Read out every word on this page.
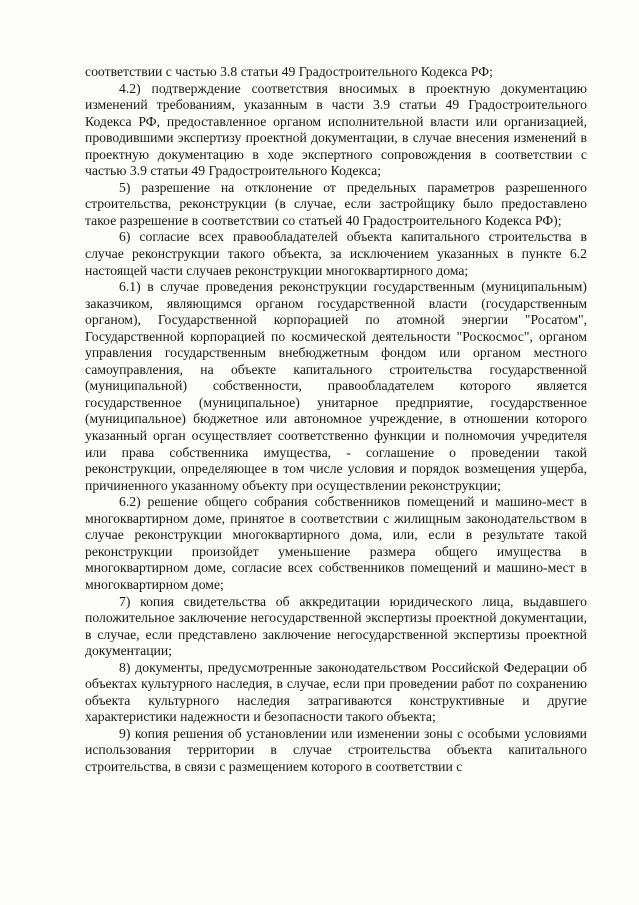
соответствии с частью 3.8 статьи 49 Градостроительного Кодекса РФ;

4.2) подтверждение соответствия вносимых в проектную документацию изменений требованиям, указанным в части 3.9 статьи 49 Градостроительного Кодекса РФ, предоставленное органом исполнительной власти или организацией, проводившими экспертизу проектной документации, в случае внесения изменений в проектную документацию в ходе экспертного сопровождения в соответствии с частью 3.9 статьи 49 Градостроительного Кодекса;

5) разрешение на отклонение от предельных параметров разрешенного строительства, реконструкции (в случае, если застройщику было предоставлено такое разрешение в соответствии со статьей 40 Градостроительного Кодекса РФ);

6) согласие всех правообладателей объекта капитального строительства в случае реконструкции такого объекта, за исключением указанных в пункте 6.2 настоящей части случаев реконструкции многоквартирного дома;

6.1) в случае проведения реконструкции государственным (муниципальным) заказчиком, являющимся органом государственной власти (государственным органом), Государственной корпорацией по атомной энергии "Росатом", Государственной корпорацией по космической деятельности "Роскосмос", органом управления государственным внебюджетным фондом или органом местного самоуправления, на объекте капитального строительства государственной (муниципальной) собственности, правообладателем которого является государственное (муниципальное) унитарное предприятие, государственное (муниципальное) бюджетное или автономное учреждение, в отношении которого указанный орган осуществляет соответственно функции и полномочия учредителя или права собственника имущества, - соглашение о проведении такой реконструкции, определяющее в том числе условия и порядок возмещения ущерба, причиненного указанному объекту при осуществлении реконструкции;

6.2) решение общего собрания собственников помещений и машино-мест в многоквартирном доме, принятое в соответствии с жилищным законодательством в случае реконструкции многоквартирного дома, или, если в результате такой реконструкции произойдет уменьшение размера общего имущества в многоквартирном доме, согласие всех собственников помещений и машино-мест в многоквартирном доме;

7) копия свидетельства об аккредитации юридического лица, выдавшего положительное заключение негосударственной экспертизы проектной документации, в случае, если представлено заключение негосударственной экспертизы проектной документации;

8) документы, предусмотренные законодательством Российской Федерации об объектах культурного наследия, в случае, если при проведении работ по сохранению объекта культурного наследия затрагиваются конструктивные и другие характеристики надежности и безопасности такого объекта;

9) копия решения об установлении или изменении зоны с особыми условиями использования территории в случае строительства объекта капитального строительства, в связи с размещением которого в соответствии с
